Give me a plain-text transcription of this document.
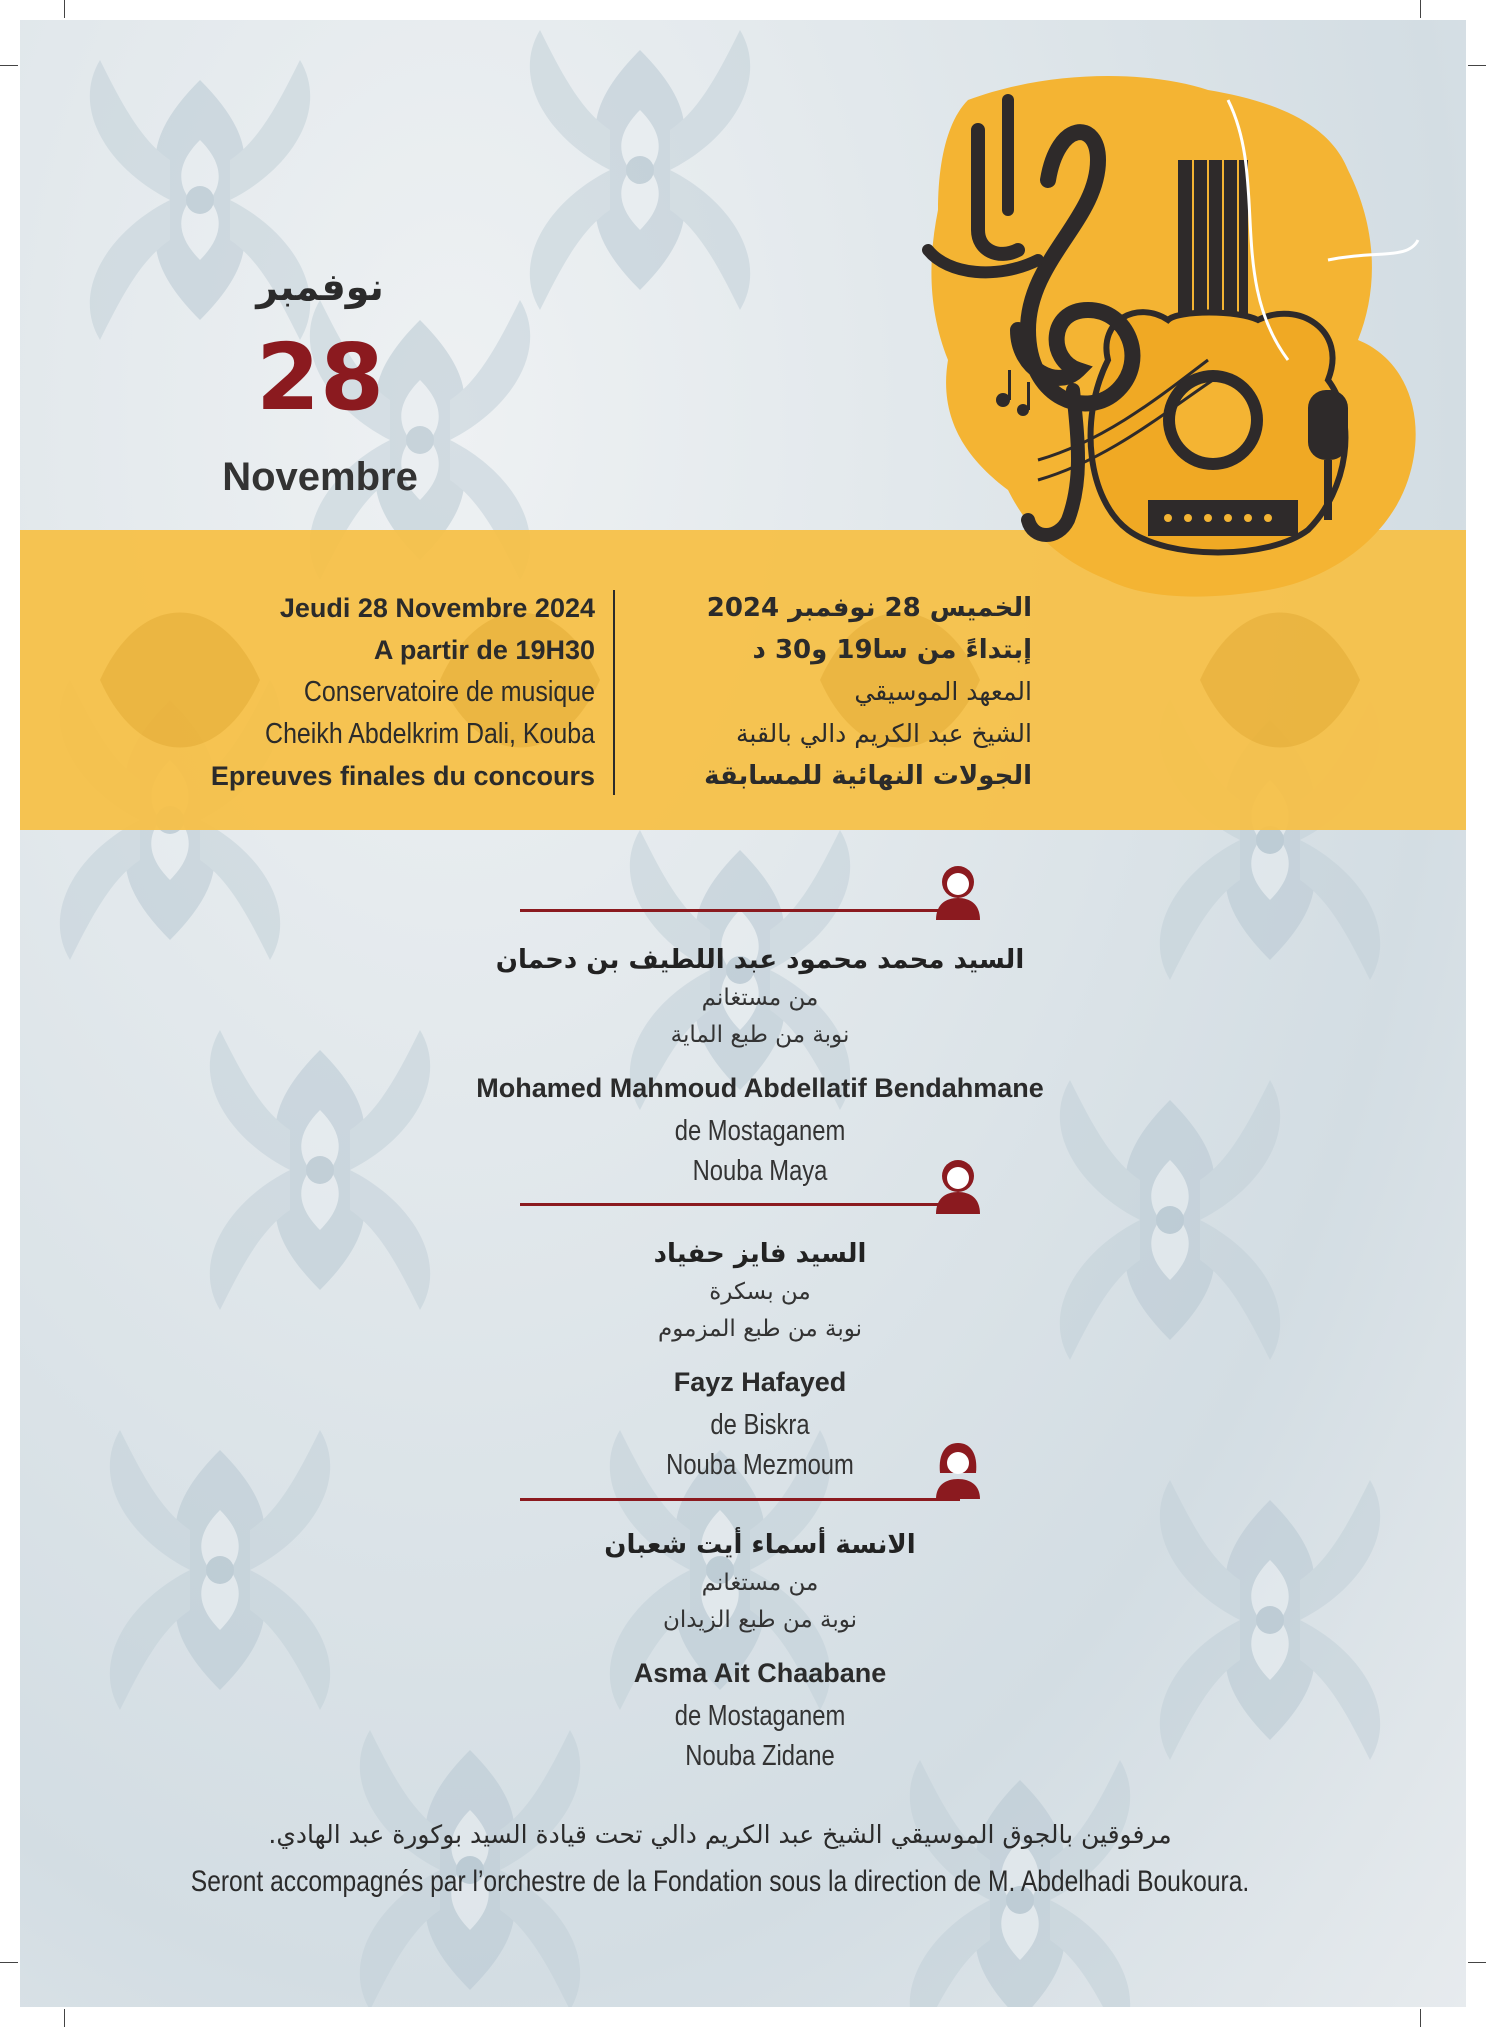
نوفمبر
28
Novembre
Jeudi 28 Novembre 2024
A partir de 19H30
Conservatoire de musique
Cheikh Abdelkrim Dali, Kouba
Epreuves finales du concours
الخميس 28 نوفمبر 2024
إبتداءً من سا19 و30 د
المعهد الموسيقي
الشيخ عبد الكريم دالي بالقبة
الجولات النهائية للمسابقة
السيد محمد محمود عبد اللطيف بن دحمان
من مستغانم
نوبة من طبع الماية
Mohamed Mahmoud Abdellatif Bendahmane
de Mostaganem
Nouba Maya
السيد فايز حفياد
من بسكرة
نوبة من طبع المزموم
Fayz Hafayed
de Biskra
Nouba Mezmoum
الانسة أسماء أيت شعبان
من مستغانم
نوبة من طبع الزيدان
Asma Ait Chaabane
de Mostaganem
Nouba Zidane
مرفوقين بالجوق الموسيقي الشيخ عبد الكريم دالي تحت قيادة السيد بوكورة عبد الهادي.
Seront accompagnés par l’orchestre de la Fondation sous la direction de M. Abdelhadi Boukoura.
